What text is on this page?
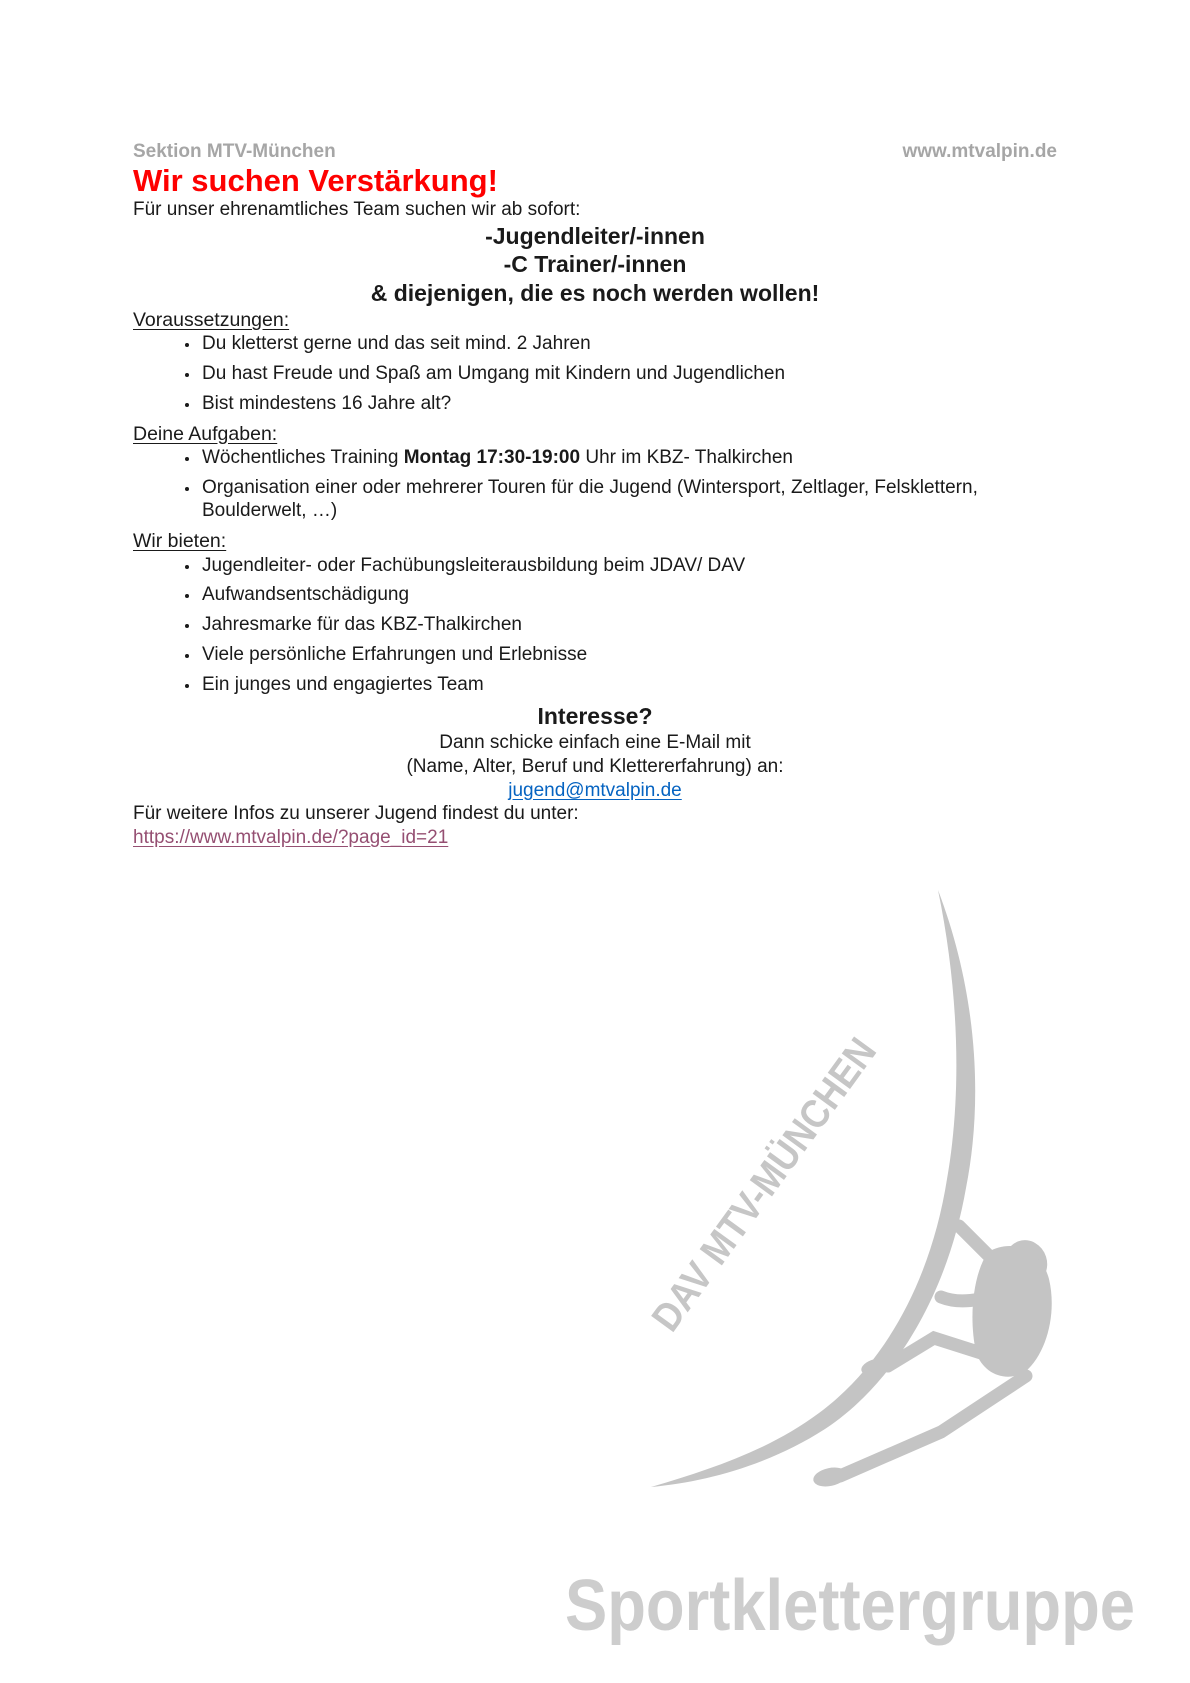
DAV MTV-MÜNCHEN
Sportklettergruppe
Sektion MTV-München	www.mtvalpin.de
Wir suchen Verstärkung!

Für unser ehrenamtliches Team suchen wir ab sofort:

-Jugendleiter/-innen

-C Trainer/-innen

& diejenigen, die es noch werden wollen!

Voraussetzungen:
• Du kletterst gerne und das seit mind. 2 Jahren
• Du hast Freude und Spaß am Umgang mit Kindern und Jugendlichen
• Bist mindestens 16 Jahre alt?
Deine Aufgaben:
• Wöchentliches Training Montag 17:30-19:00 Uhr im KBZ- Thalkirchen
• Organisation einer oder mehrerer Touren für die Jugend (Wintersport, Zeltlager, Felsklettern, Boulderwelt, …)
Wir bieten:
• Jugendleiter- oder Fachübungsleiterausbildung beim JDAV/ DAV
• Aufwandsentschädigung
• Jahresmarke für das KBZ-Thalkirchen
• Viele persönliche Erfahrungen und Erlebnisse
• Ein junges und engagiertes Team
Interesse?

Dann schicke einfach eine E-Mail mit

(Name, Alter, Beruf und Klettererfahrung) an:

jugend@mtvalpin.de

Für weitere Infos zu unserer Jugend findest du unter:

https://www.mtvalpin.de/?page_id=21
